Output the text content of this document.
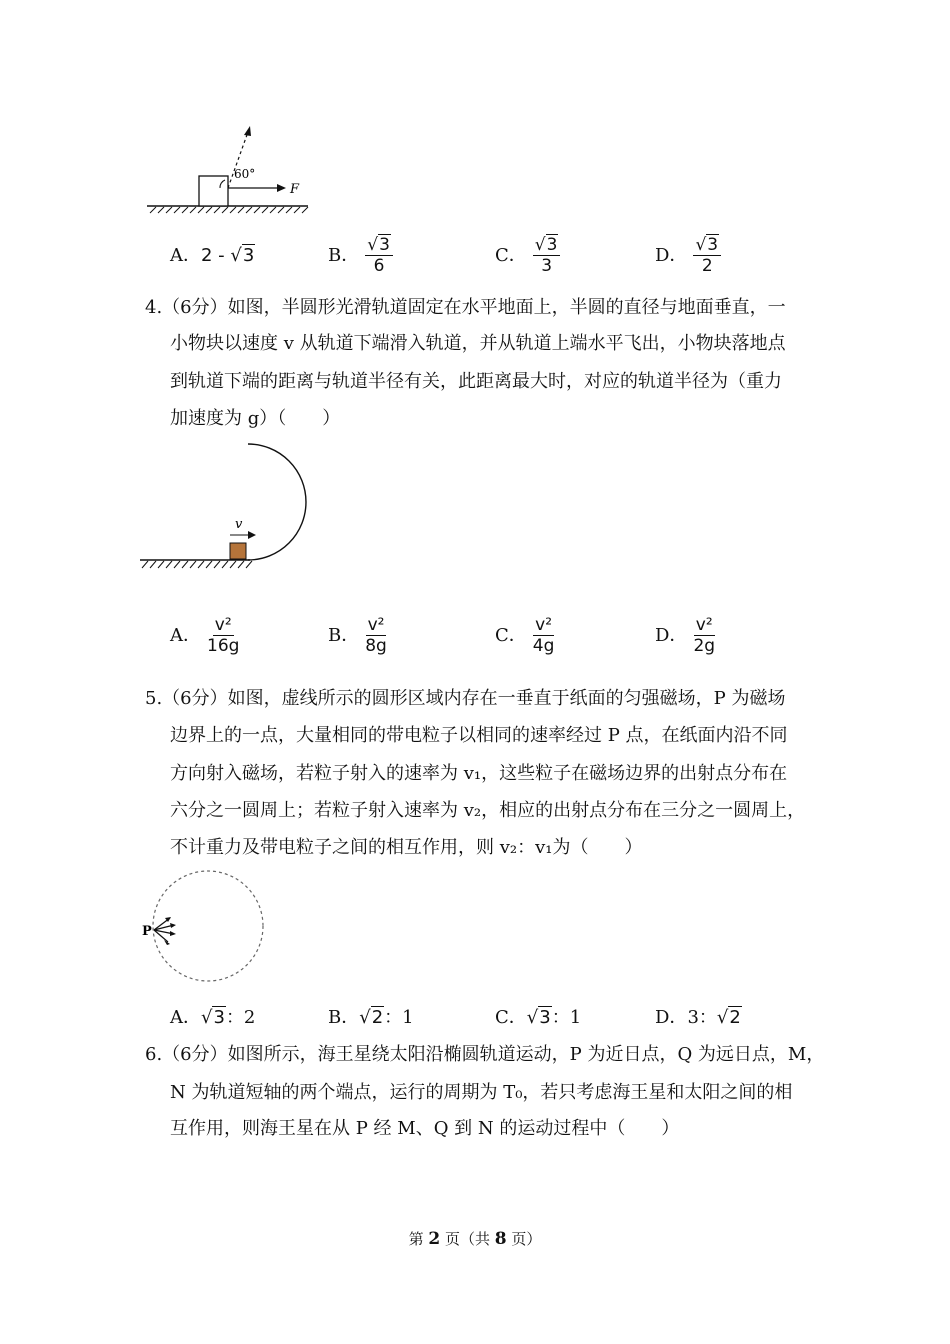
60°
F
A． 2 - √3	B． $\frac{√3}{6}$	C． $\frac{√3}{3}$	D． $\frac{√3}{2}$
4.（6分）如图，半圆形光滑轨道固定在水平地面上，半圆的直径与地面垂直，一
小物块以速度 v 从轨道下端滑入轨道，并从轨道上端水平飞出，小物块落地点
到轨道下端的距离与轨道半径有关，此距离最大时，对应的轨道半径为（重力
加速度为 g）（　　）
v
A． $\frac{\text{v²}}{16g}$	B． $\frac{\text{v²}}{8g}$	C． $\frac{\text{v²}}{4g}$	D． $\frac{\text{v²}}{2g}$
5.（6分）如图，虚线所示的圆形区域内存在一垂直于纸面的匀强磁场，P 为磁场
边界上的一点，大量相同的带电粒子以相同的速率经过 P 点，在纸面内沿不同
方向射入磁场，若粒子射入的速率为 v₁，这些粒子在磁场边界的出射点分布在
六分之一圆周上；若粒子射入速率为 v₂，相应的出射点分布在三分之一圆周上，
不计重力及带电粒子之间的相互作用，则 v₂：v₁为（　　）
P
A． √3 ：2	B． √2 ：1	C． √3 ：1	D． 3： √2
6.（6分）如图所示，海王星绕太阳沿椭圆轨道运动，P 为近日点，Q 为远日点，M，
N 为轨道短轴的两个端点，运行的周期为 T₀，若只考虑海王星和太阳之间的相
互作用，则海王星在从 P 经 M、Q 到 N 的运动过程中（　　）
第 2 页（共 8 页）
